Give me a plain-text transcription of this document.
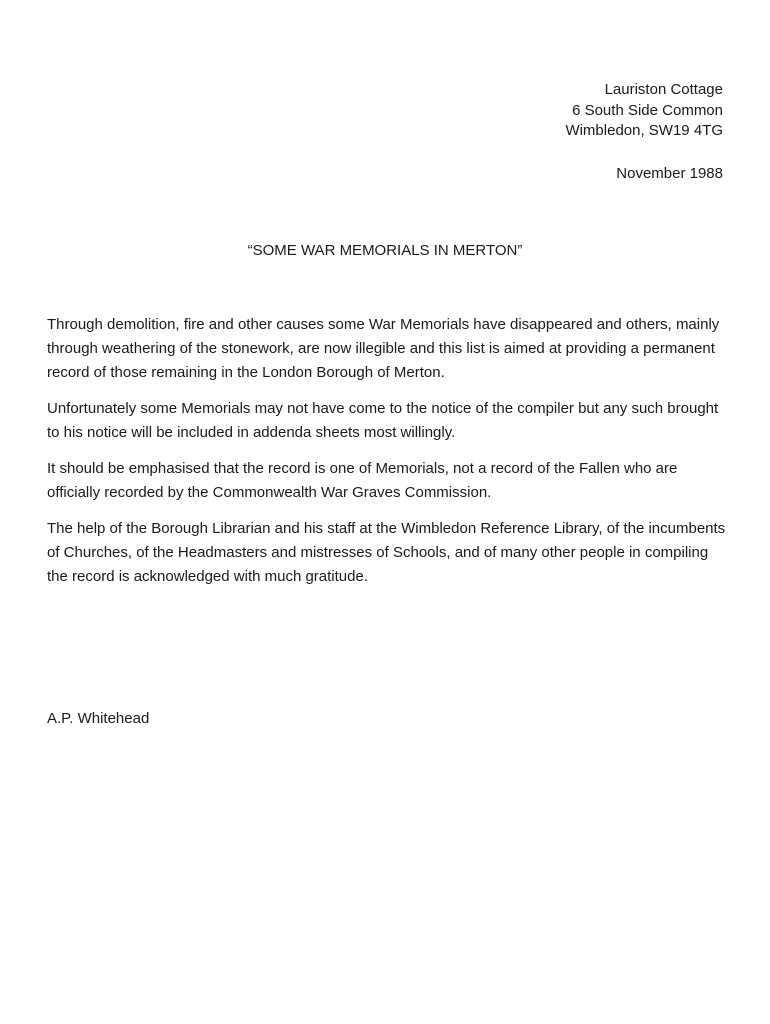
Lauriston Cottage
6 South Side Common
Wimbledon, SW19 4TG
November 1988
“SOME WAR MEMORIALS IN MERTON”

Through demolition, fire and other causes some War Memorials have disappeared and others, mainly through weathering of the stonework, are now illegible and this list is aimed at providing a permanent record of those remaining in the London Borough of Merton.

Unfortunately some Memorials may not have come to the notice of the compiler but any such brought to his notice will be included in addenda sheets most willingly.

It should be emphasised that the record is one of Memorials, not a record of the Fallen who are officially recorded by the Commonwealth War Graves Commission.

The help of the Borough Librarian and his staff at the Wimbledon Reference Library, of the incumbents of Churches, of the Headmasters and mistresses of Schools, and of many other people in compiling the record is acknowledged with much gratitude.

A.P. Whitehead
